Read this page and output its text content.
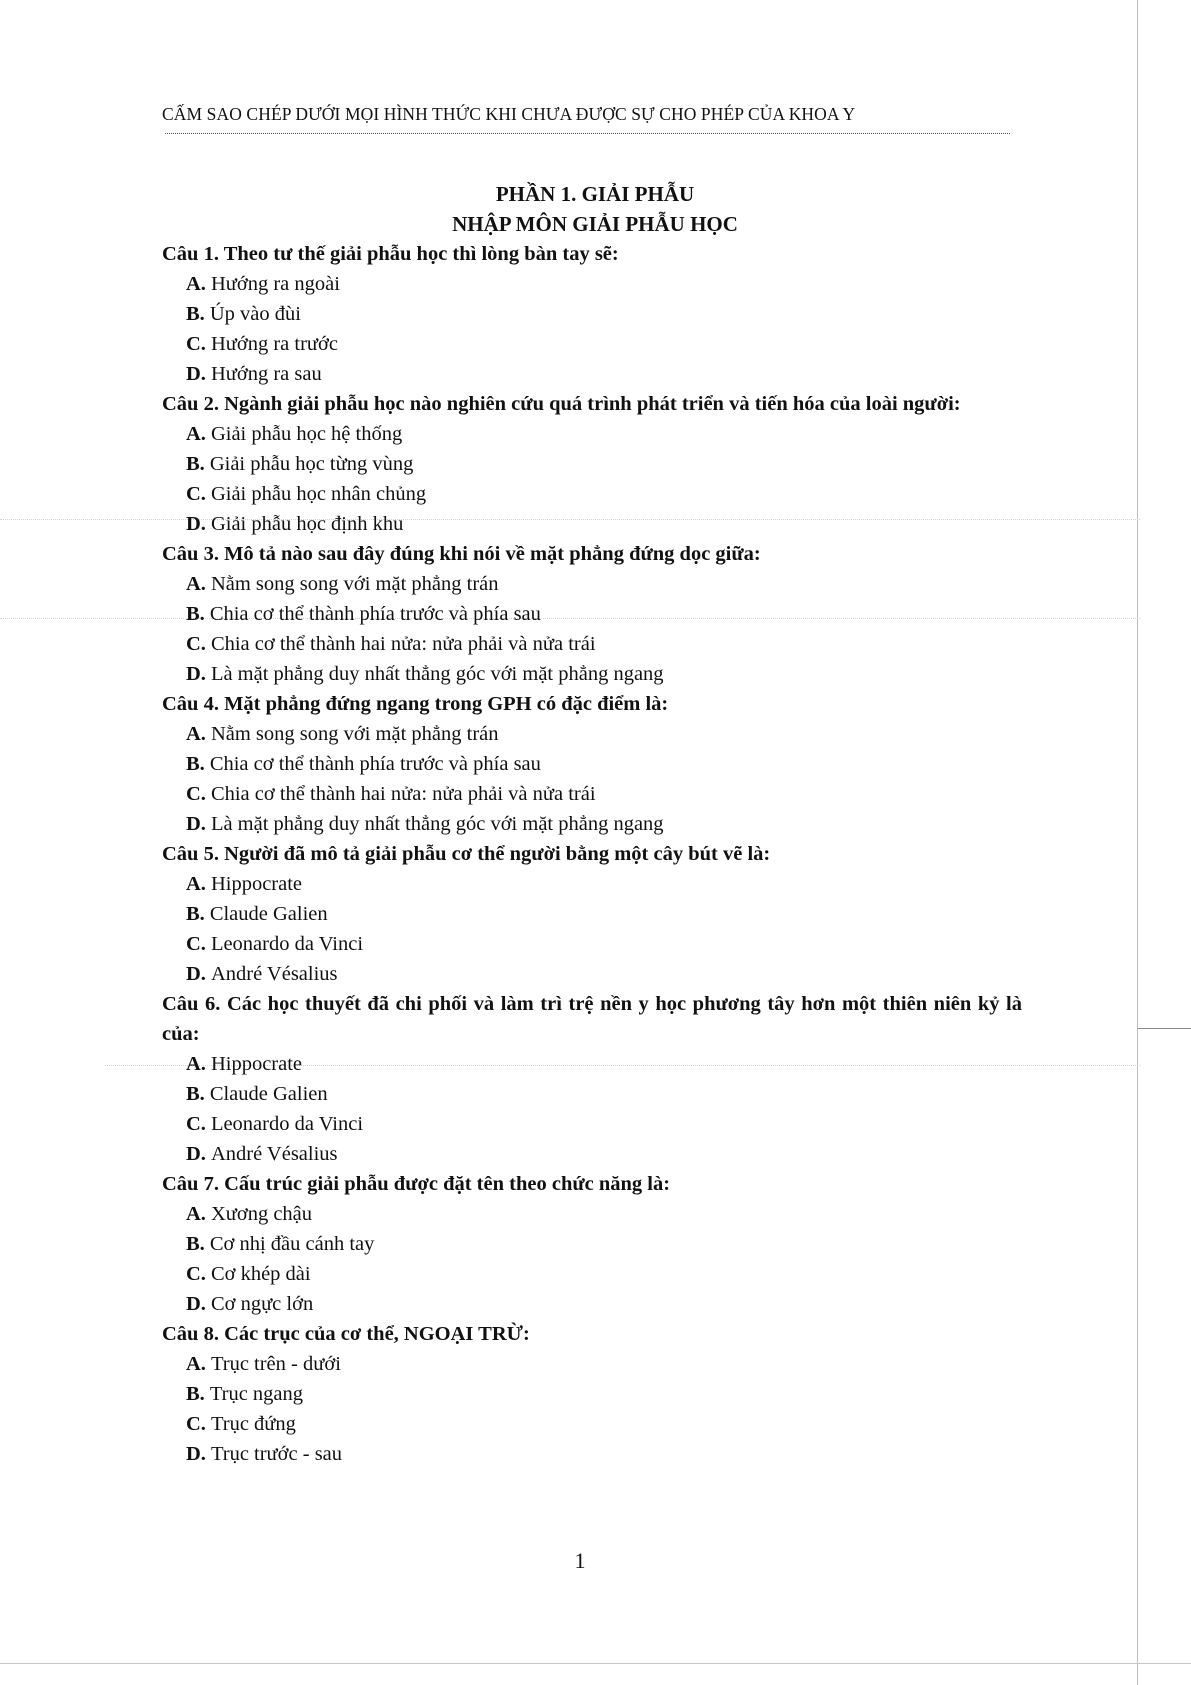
CẤM SAO CHÉP DƯỚI MỌI HÌNH THỨC KHI CHƯA ĐƯỢC SỰ CHO PHÉP CỦA KHOA Y
PHẦN 1. GIẢI PHẪU
NHẬP MÔN GIẢI PHẪU HỌC
Câu 1. Theo tư thế giải phẫu học thì lòng bàn tay sẽ:
A. Hướng ra ngoài
B. Úp vào đùi
C. Hướng ra trước
D. Hướng ra sau
Câu 2. Ngành giải phẫu học nào nghiên cứu quá trình phát triển và tiến hóa của loài người:
A. Giải phẫu học hệ thống
B. Giải phẫu học từng vùng
C. Giải phẫu học nhân chủng
D. Giải phẫu học định khu
Câu 3. Mô tả nào sau đây đúng khi nói về mặt phẳng đứng dọc giữa:
A. Nằm song song với mặt phẳng trán
B. Chia cơ thể thành phía trước và phía sau
C. Chia cơ thể thành hai nửa: nửa phải và nửa trái
D. Là mặt phẳng duy nhất thẳng góc với mặt phẳng ngang
Câu 4. Mặt phẳng đứng ngang trong GPH có đặc điểm là:
A. Nằm song song với mặt phẳng trán
B. Chia cơ thể thành phía trước và phía sau
C. Chia cơ thể thành hai nửa: nửa phải và nửa trái
D. Là mặt phẳng duy nhất thẳng góc với mặt phẳng ngang
Câu 5. Người đã mô tả giải phẫu cơ thể người bằng một cây bút vẽ là:
A. Hippocrate
B. Claude Galien
C. Leonardo da Vinci
D. André Vésalius
Câu 6. Các học thuyết đã chi phối và làm trì trệ nền y học phương tây hơn một thiên niên kỷ là của:
A. Hippocrate
B. Claude Galien
C. Leonardo da Vinci
D. André Vésalius
Câu 7. Cấu trúc giải phẫu được đặt tên theo chức năng là:
A. Xương chậu
B. Cơ nhị đầu cánh tay
C. Cơ khép dài
D. Cơ ngực lớn
Câu 8. Các trục của cơ thể, NGOẠI TRỪ:
A. Trục trên - dưới
B. Trục ngang
C. Trục đứng
D. Trục trước - sau
1
